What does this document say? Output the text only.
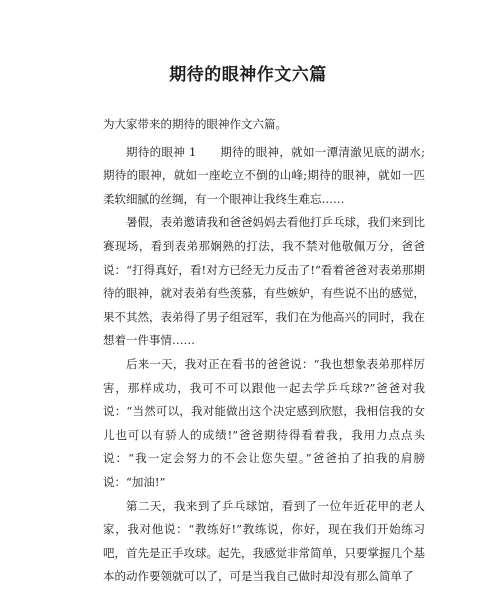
期待的眼神作文六篇

为大家带来的期待的眼神作文六篇。

期待的眼神 1　　期待的眼神，就如一潭清澈见底的湖水;期待的眼神，就如一座屹立不倒的山峰;期待的眼神，就如一匹柔软细腻的丝绸，有一个眼神让我终生难忘……

暑假，表弟邀请我和爸爸妈妈去看他打乒乓球，我们来到比赛现场，看到表弟那娴熟的打法，我不禁对他敬佩万分，爸爸说：“打得真好，看!对方已经无力反击了!”看着爸爸对表弟那期待的眼神，就对表弟有些羡慕，有些嫉妒，有些说不出的感觉，果不其然，表弟得了男子组冠军，我们在为他高兴的同时，我在想着一件事情……

后来一天，我对正在看书的爸爸说：“我也想象表弟那样厉害，那样成功，我可不可以跟他一起去学乒乓球?”爸爸对我说：“当然可以，我对能做出这个决定感到欣慰，我相信我的女儿也可以有骄人的成绩!”爸爸期待得看着我，我用力点点头说：“我一定会努力的不会让您失望。”爸爸拍了拍我的肩膀说：“加油!”

第二天，我来到了乒乓球馆，看到了一位年近花甲的老人家，我对他说：“教练好!”教练说，你好，现在我们开始练习吧，首先是正手攻球。起先，我感觉非常简单，只要掌握几个基本的动作要领就可以了，可是当我自己做时却没有那么简单了
